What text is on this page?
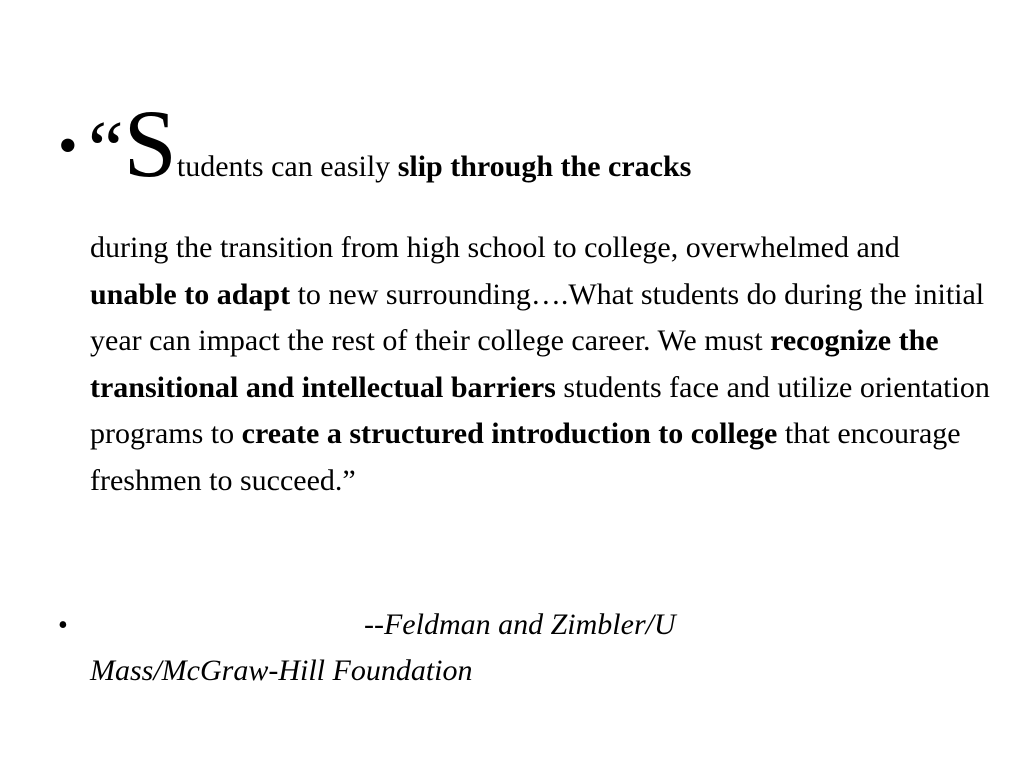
• “Students can easily slip through the cracks
during the transition from high school to college, overwhelmed and unable to adapt to new surrounding….What students do during the initial year can impact the rest of their college career. We must recognize the transitional and intellectual barriers students face and utilize orientation programs to create a structured introduction to college that encourage freshmen to succeed.”
•	--Feldman and Zimbler/U
Mass/McGraw-Hill Foundation
